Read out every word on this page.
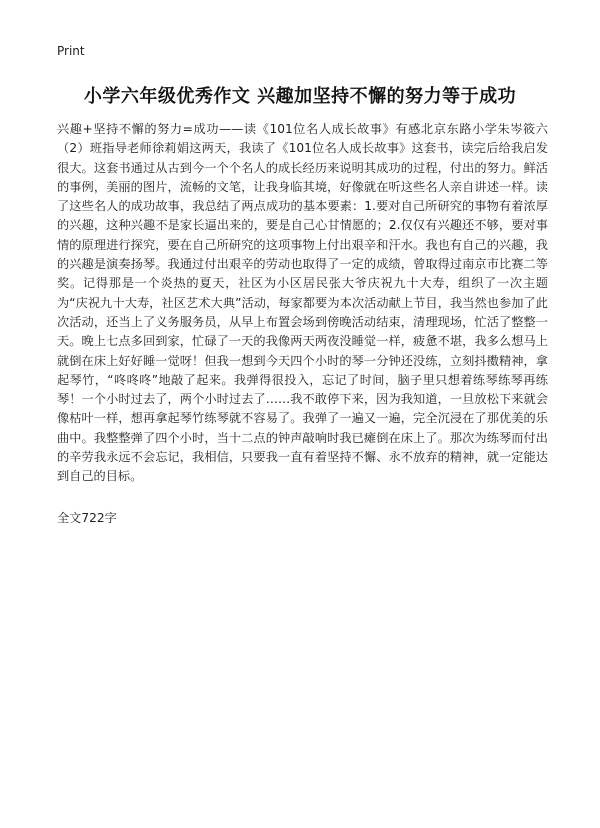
Print
小学六年级优秀作文 兴趣加坚持不懈的努力等于成功

兴趣+坚持不懈的努力=成功——读《101位名人成长故事》有感北京东路小学朱岑筱六（2）班指导老师徐莉娟这两天，我读了《101位名人成长故事》这套书，读完后给我启发很大。这套书通过从古到今一个个名人的成长经历来说明其成功的过程，付出的努力。鲜活的事例，美丽的图片，流畅的文笔，让我身临其境，好像就在听这些名人亲自讲述一样。读了这些名人的成功故事，我总结了两点成功的基本要素：1.要对自己所研究的事物有着浓厚的兴趣，这种兴趣不是家长逼出来的，要是自己心甘情愿的；2.仅仅有兴趣还不够，要对事情的原理进行探究，要在自己所研究的这项事物上付出艰辛和汗水。我也有自己的兴趣，我的兴趣是演奏扬琴。我通过付出艰辛的劳动也取得了一定的成绩，曾取得过南京市比赛二等奖。记得那是一个炎热的夏天，社区为小区居民张大爷庆祝九十大寿，组织了一次主题为“庆祝九十大寿，社区艺术大典”活动，每家都要为本次活动献上节目，我当然也参加了此次活动，还当上了义务服务员，从早上布置会场到傍晚活动结束，清理现场，忙活了整整一天。晚上七点多回到家，忙碌了一天的我像两天两夜没睡觉一样，疲惫不堪，我多么想马上就倒在床上好好睡一觉呀！但我一想到今天四个小时的琴一分钟还没练，立刻抖擞精神，拿起琴竹，“咚咚咚”地敲了起来。我弹得很投入，忘记了时间，脑子里只想着练琴练琴再练琴！一个小时过去了，两个小时过去了……我不敢停下来，因为我知道，一旦放松下来就会像枯叶一样，想再拿起琴竹练琴就不容易了。我弹了一遍又一遍，完全沉浸在了那优美的乐曲中。我整整弹了四个小时，当十二点的钟声敲响时我已瘫倒在床上了。那次为练琴而付出的辛劳我永远不会忘记，我相信，只要我一直有着坚持不懈、永不放弃的精神，就一定能达到自己的目标。

全文722字
